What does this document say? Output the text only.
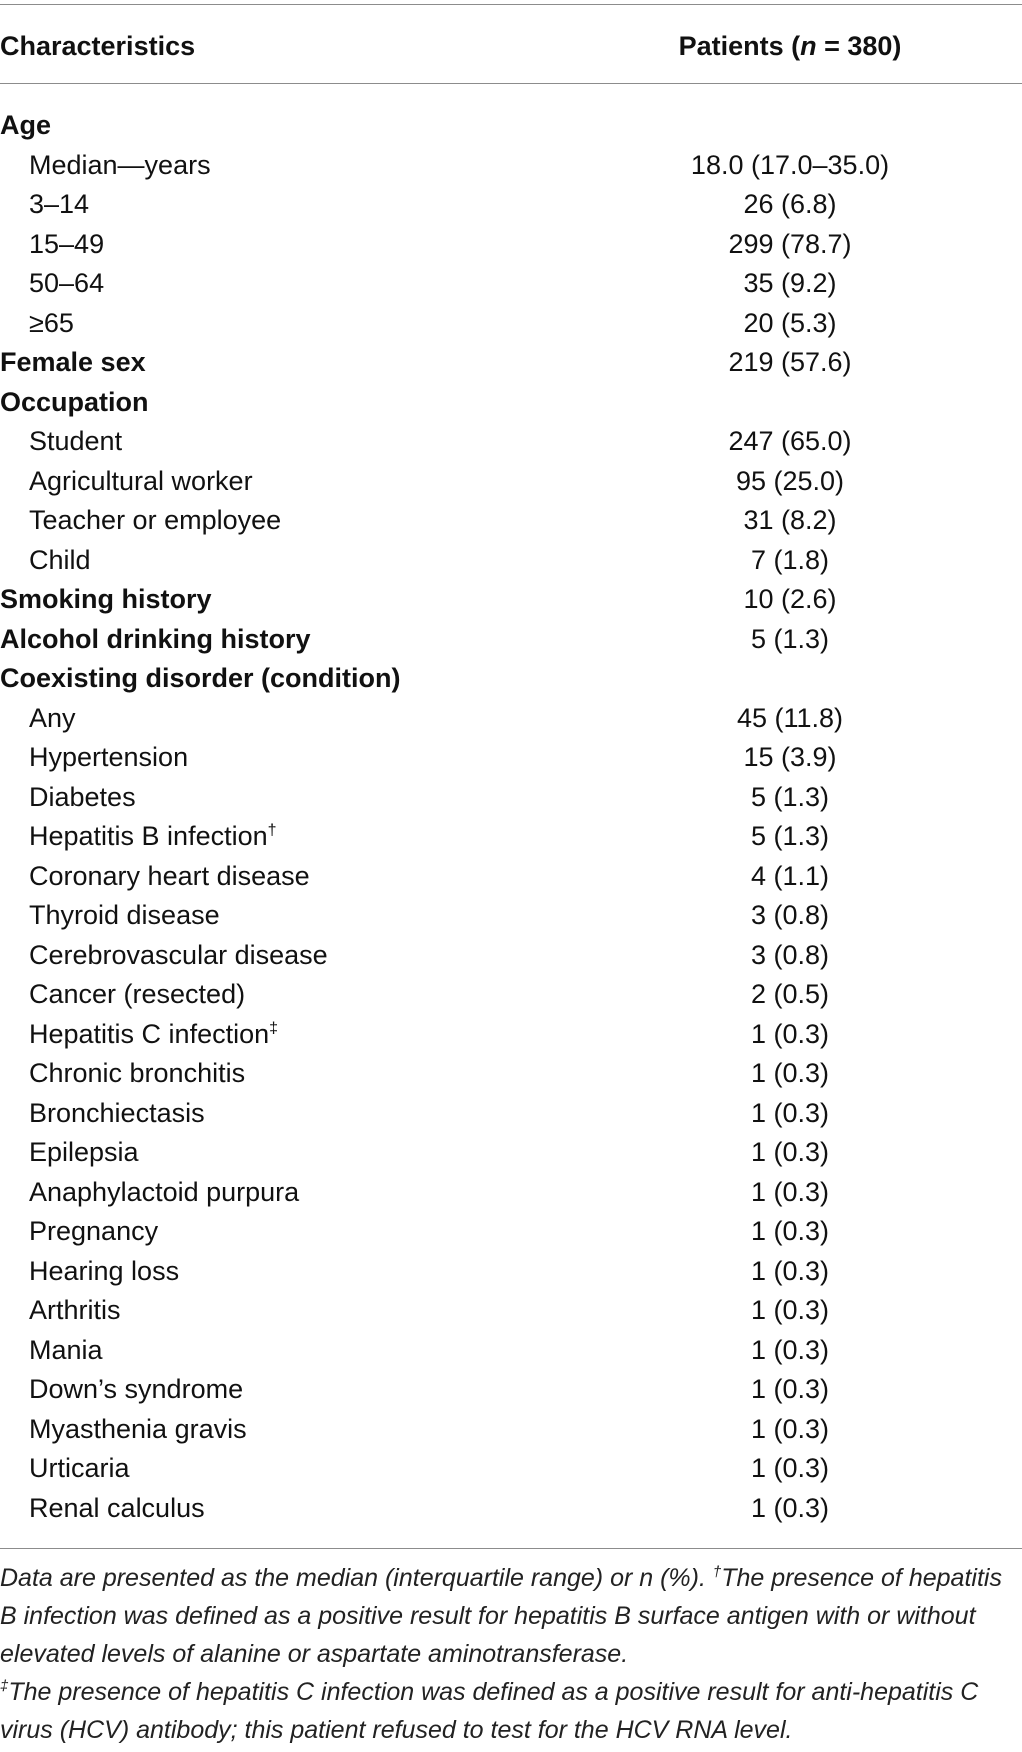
Characteristics	Patients (n = 380)
Age
Median—years	18.0 (17.0–35.0)
3–14	26 (6.8)
15–49	299 (78.7)
50–64	35 (9.2)
≥65	20 (5.3)
Female sex	219 (57.6)
Occupation
Student	247 (65.0)
Agricultural worker	95 (25.0)
Teacher or employee	31 (8.2)
Child	7 (1.8)
Smoking history	10 (2.6)
Alcohol drinking history	5 (1.3)
Coexisting disorder (condition)
Any	45 (11.8)
Hypertension	15 (3.9)
Diabetes	5 (1.3)
Hepatitis B infection†	5 (1.3)
Coronary heart disease	4 (1.1)
Thyroid disease	3 (0.8)
Cerebrovascular disease	3 (0.8)
Cancer (resected)	2 (0.5)
Hepatitis C infection‡	1 (0.3)
Chronic bronchitis	1 (0.3)
Bronchiectasis	1 (0.3)
Epilepsia	1 (0.3)
Anaphylactoid purpura	1 (0.3)
Pregnancy	1 (0.3)
Hearing loss	1 (0.3)
Arthritis	1 (0.3)
Mania	1 (0.3)
Down’s syndrome	1 (0.3)
Myasthenia gravis	1 (0.3)
Urticaria	1 (0.3)
Renal calculus	1 (0.3)

Data are presented as the median (interquartile range) or n (%). †The presence of hepatitis B infection was defined as a positive result for hepatitis B surface antigen with or without elevated levels of alanine or aspartate aminotransferase.

‡The presence of hepatitis C infection was defined as a positive result for anti-hepatitis C virus (HCV) antibody; this patient refused to test for the HCV RNA level.
